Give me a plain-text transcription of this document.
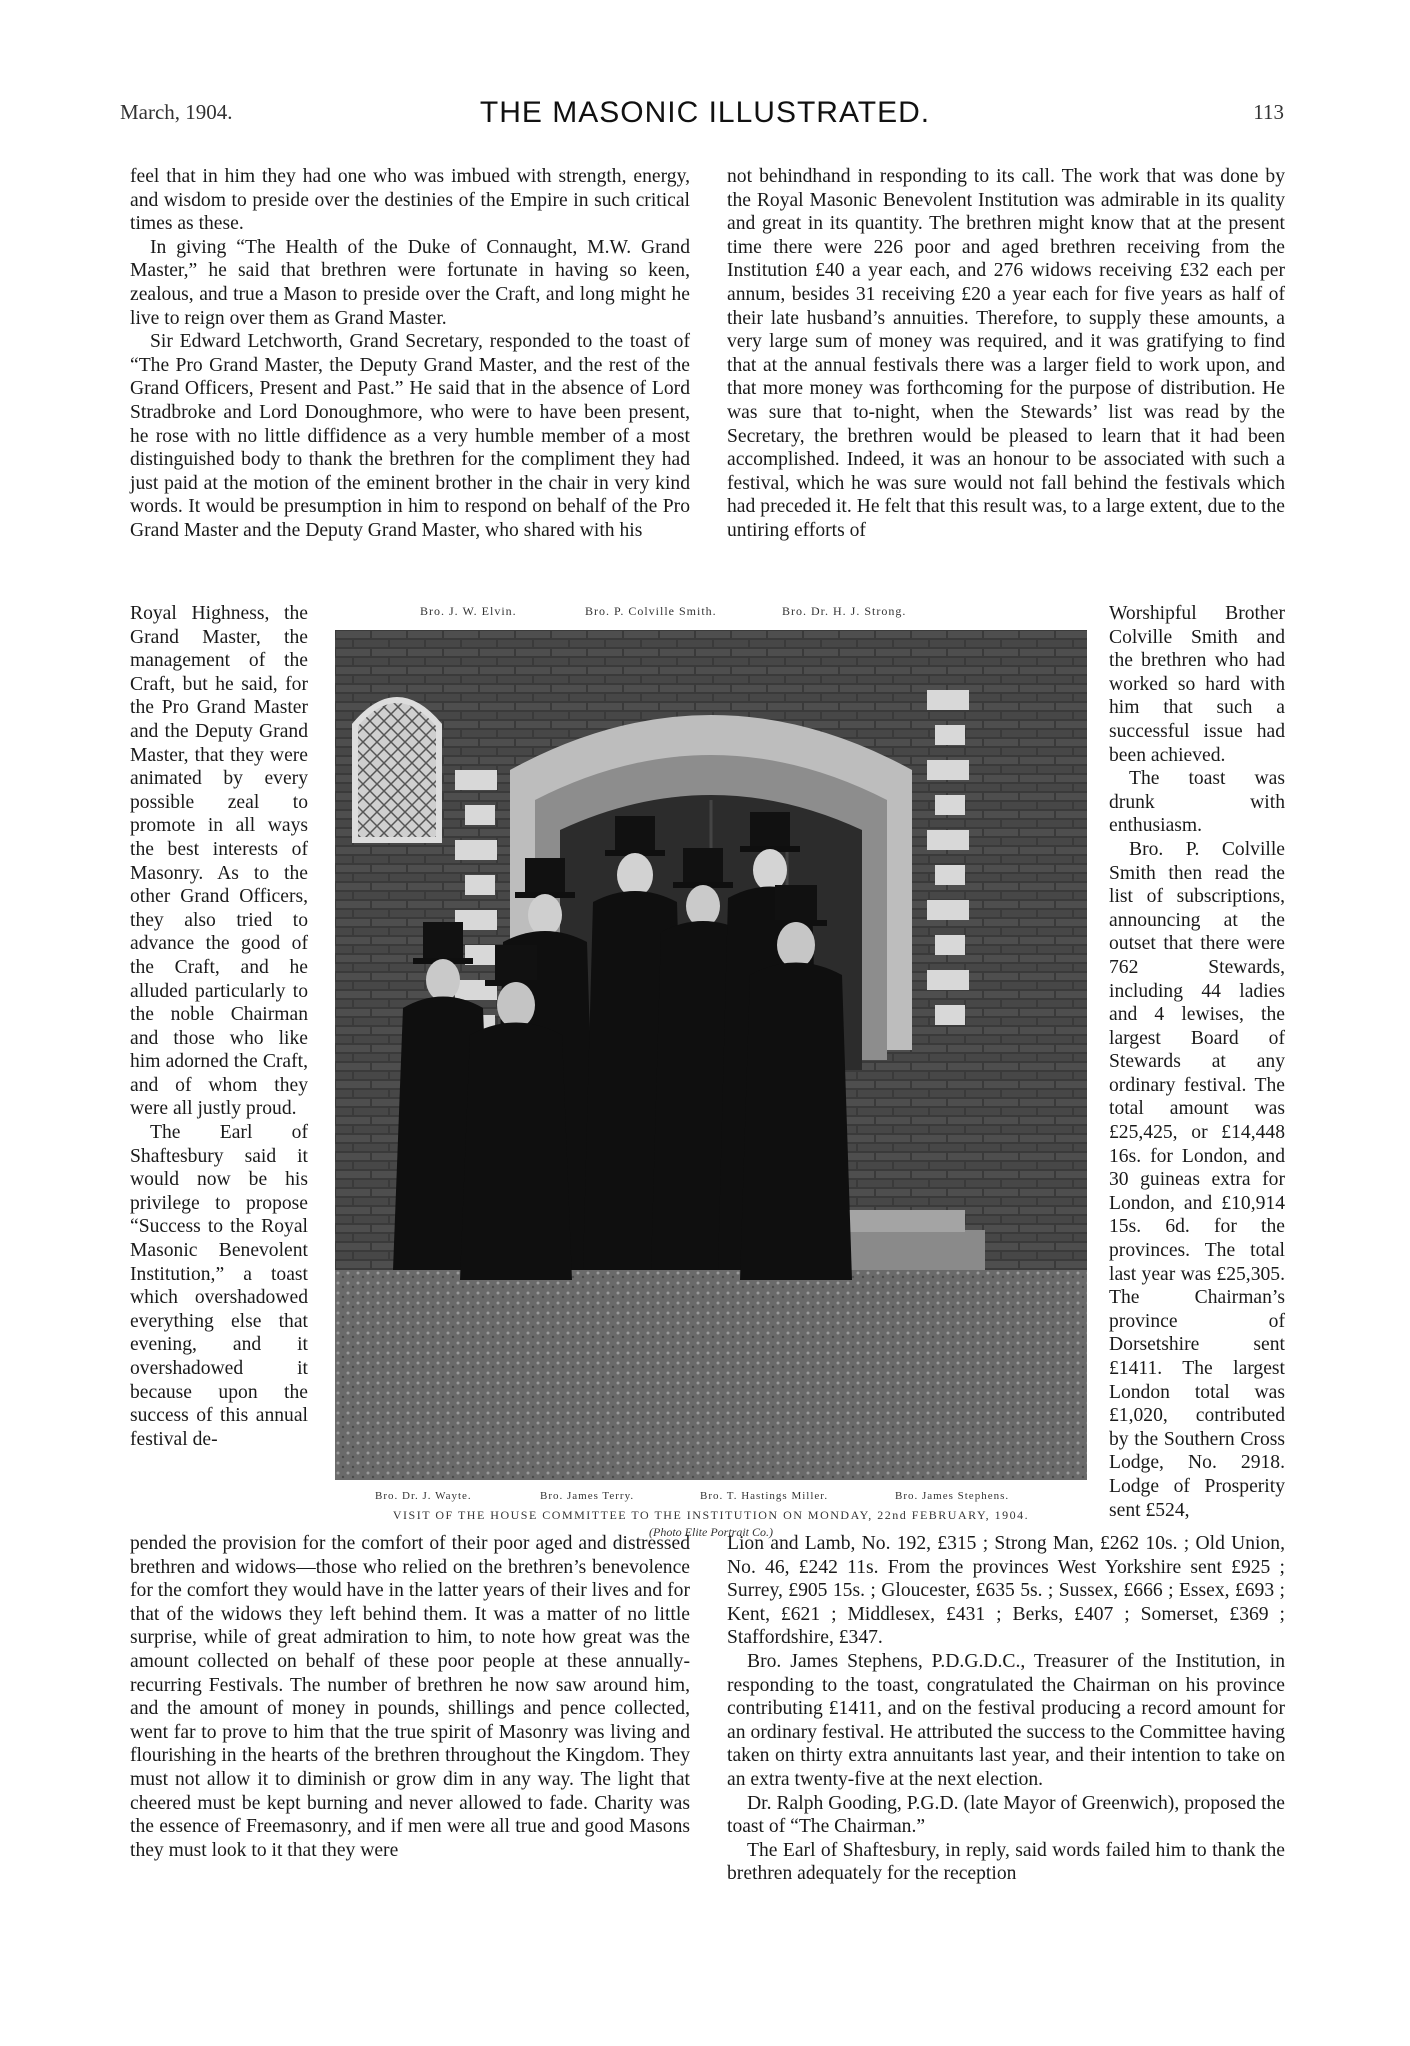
March, 1904.	THE MASONIC ILLUSTRATED.	113

feel that in him they had one who was imbued with strength, energy, and wisdom to preside over the destinies of the Empire in such critical times as these.

In giving “The Health of the Duke of Connaught, M.W. Grand Master,” he said that brethren were fortunate in having so keen, zealous, and true a Mason to preside over the Craft, and long might he live to reign over them as Grand Master.

Sir Edward Letchworth, Grand Secretary, responded to the toast of “The Pro Grand Master, the Deputy Grand Master, and the rest of the Grand Officers, Present and Past.” He said that in the absence of Lord Stradbroke and Lord Donoughmore, who were to have been present, he rose with no little diffidence as a very humble member of a most distinguished body to thank the brethren for the compliment they had just paid at the motion of the eminent brother in the chair in very kind words. It would be presumption in him to respond on behalf of the Pro Grand Master and the Deputy Grand Master, who shared with his

not behindhand in responding to its call. The work that was done by the Royal Masonic Benevolent Institution was admirable in its quality and great in its quantity. The brethren might know that at the present time there were 226 poor and aged brethren receiving from the Institution £40 a year each, and 276 widows receiving £32 each per annum, besides 31 receiving £20 a year each for five years as half of their late husband’s annuities. Therefore, to supply these amounts, a very large sum of money was required, and it was gratifying to find that at the annual festivals there was a larger field to work upon, and that more money was forthcoming for the purpose of distribution. He was sure that to-night, when the Stewards’ list was read by the Secretary, the brethren would be pleased to learn that it had been accomplished. Indeed, it was an honour to be associated with such a festival, which he was sure would not fall behind the festivals which had preceded it. He felt that this result was, to a large extent, due to the untiring efforts of

Royal Highness, the Grand Master, the management of the Craft, but he said, for the Pro Grand Master and the Deputy Grand Master, that they were animated by every possible zeal to promote in all ways the best interests of Masonry. As to the other Grand Officers, they also tried to advance the good of the Craft, and he alluded particularly to the noble Chairman and those who like him adorned the Craft, and of whom they were all justly proud.

The Earl of Shaftesbury said it would now be his privilege to propose “Success to the Royal Masonic Benevolent Institution,” a toast which overshadowed everything else that evening, and it overshadowed it because upon the success of this annual festival de-

Worshipful Brother Colville Smith and the brethren who had worked so hard with him that such a successful issue had been achieved.

The toast was drunk with enthusiasm.

Bro. P. Colville Smith then read the list of subscriptions, announcing at the outset that there were 762 Stewards, including 44 ladies and 4 lewises, the largest Board of Stewards at any ordinary festival. The total amount was £25,425, or £14,448 16s. for London, and 30 guineas extra for London, and £10,914 15s. 6d. for the provinces. The total last year was £25,305. The Chairman’s province of Dorsetshire sent £1411. The largest London total was £1,020, contributed by the Southern Cross Lodge, No. 2918. Lodge of Prosperity sent £524,

Bro. J. W. Elvin.	Bro. P. Colville Smith.	Bro. Dr. H. J. Strong.
Bro. Dr. J. Wayte.	Bro. James Terry.	Bro. T. Hastings Miller.	Bro. James Stephens.
VISIT OF THE HOUSE COMMITTEE TO THE INSTITUTION ON MONDAY, 22nd FEBRUARY, 1904.
(Photo Elite Portrait Co.)

pended the provision for the comfort of their poor aged and distressed brethren and widows—those who relied on the brethren’s benevolence for the comfort they would have in the latter years of their lives and for that of the widows they left behind them. It was a matter of no little surprise, while of great admiration to him, to note how great was the amount collected on behalf of these poor people at these annually-recurring Festivals. The number of brethren he now saw around him, and the amount of money in pounds, shillings and pence collected, went far to prove to him that the true spirit of Masonry was living and flourishing in the hearts of the brethren throughout the Kingdom. They must not allow it to diminish or grow dim in any way. The light that cheered must be kept burning and never allowed to fade. Charity was the essence of Freemasonry, and if men were all true and good Masons they must look to it that they were

Lion and Lamb, No. 192, £315 ; Strong Man, £262 10s. ; Old Union, No. 46, £242 11s. From the provinces West Yorkshire sent £925 ; Surrey, £905 15s. ; Gloucester, £635 5s. ; Sussex, £666 ; Essex, £693 ; Kent, £621 ; Middlesex, £431 ; Berks, £407 ; Somerset, £369 ; Staffordshire, £347.

Bro. James Stephens, P.D.G.D.C., Treasurer of the Institution, in responding to the toast, congratulated the Chairman on his province contributing £1411, and on the festival producing a record amount for an ordinary festival. He attributed the success to the Committee having taken on thirty extra annuitants last year, and their intention to take on an extra twenty-five at the next election.

Dr. Ralph Gooding, P.G.D. (late Mayor of Greenwich), proposed the toast of “The Chairman.”

The Earl of Shaftesbury, in reply, said words failed him to thank the brethren adequately for the reception
